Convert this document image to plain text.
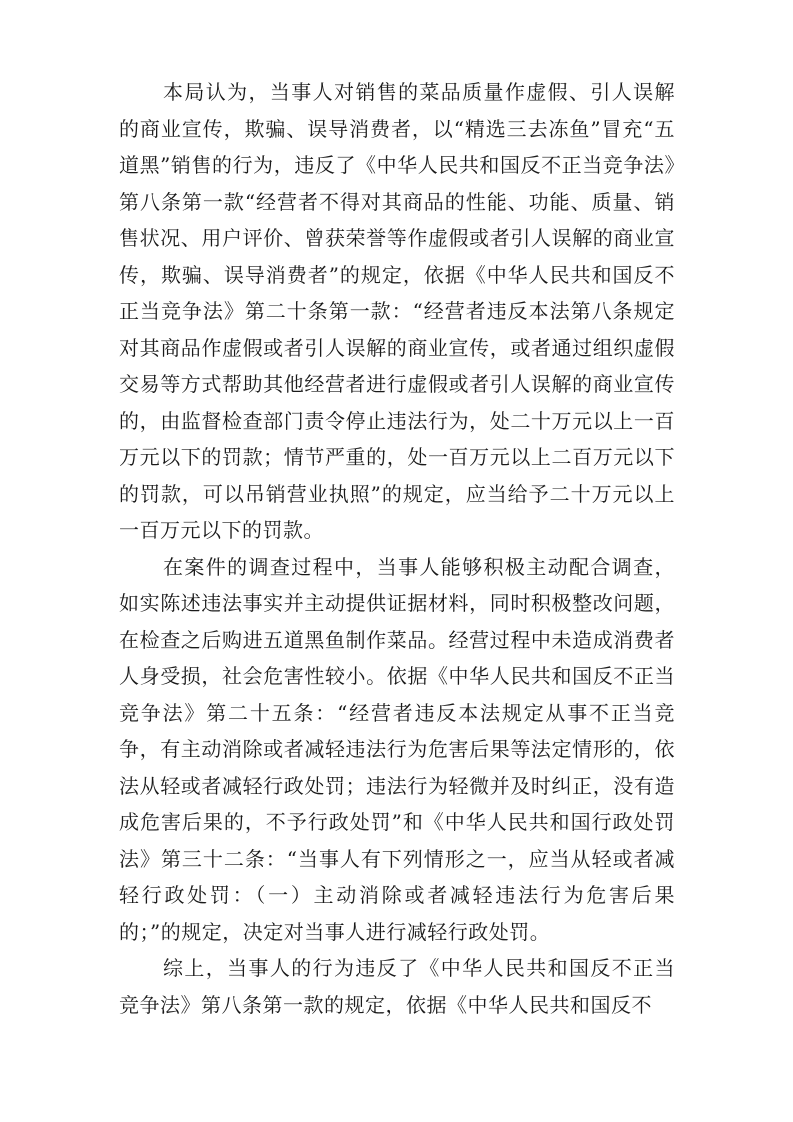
本局认为，当事人对销售的菜品质量作虚假、引人误解的商业宣传，欺骗、误导消费者，以“精选三去冻鱼”冒充“五道黑”销售的行为，违反了《中华人民共和国反不正当竞争法》第八条第一款“经营者不得对其商品的性能、功能、质量、销售状况、用户评价、曾获荣誉等作虚假或者引人误解的商业宣传，欺骗、误导消费者”的规定，依据《中华人民共和国反不正当竞争法》第二十条第一款：“经营者违反本法第八条规定对其商品作虚假或者引人误解的商业宣传，或者通过组织虚假交易等方式帮助其他经营者进行虚假或者引人误解的商业宣传的，由监督检查部门责令停止违法行为，处二十万元以上一百万元以下的罚款；情节严重的，处一百万元以上二百万元以下的罚款，可以吊销营业执照”的规定，应当给予二十万元以上一百万元以下的罚款。

在案件的调查过程中，当事人能够积极主动配合调查，如实陈述违法事实并主动提供证据材料，同时积极整改问题，在检查之后购进五道黑鱼制作菜品。经营过程中未造成消费者人身受损，社会危害性较小。依据《中华人民共和国反不正当竞争法》第二十五条：“经营者违反本法规定从事不正当竞争，有主动消除或者减轻违法行为危害后果等法定情形的，依法从轻或者减轻行政处罚；违法行为轻微并及时纠正，没有造成危害后果的，不予行政处罚”和《中华人民共和国行政处罚法》第三十二条：“当事人有下列情形之一，应当从轻或者减轻行政处罚：（一）主动消除或者减轻违法行为危害后果的；”的规定，决定对当事人进行减轻行政处罚。

综上，当事人的行为违反了《中华人民共和国反不正当竞争法》第八条第一款的规定，依据《中华人民共和国反不
